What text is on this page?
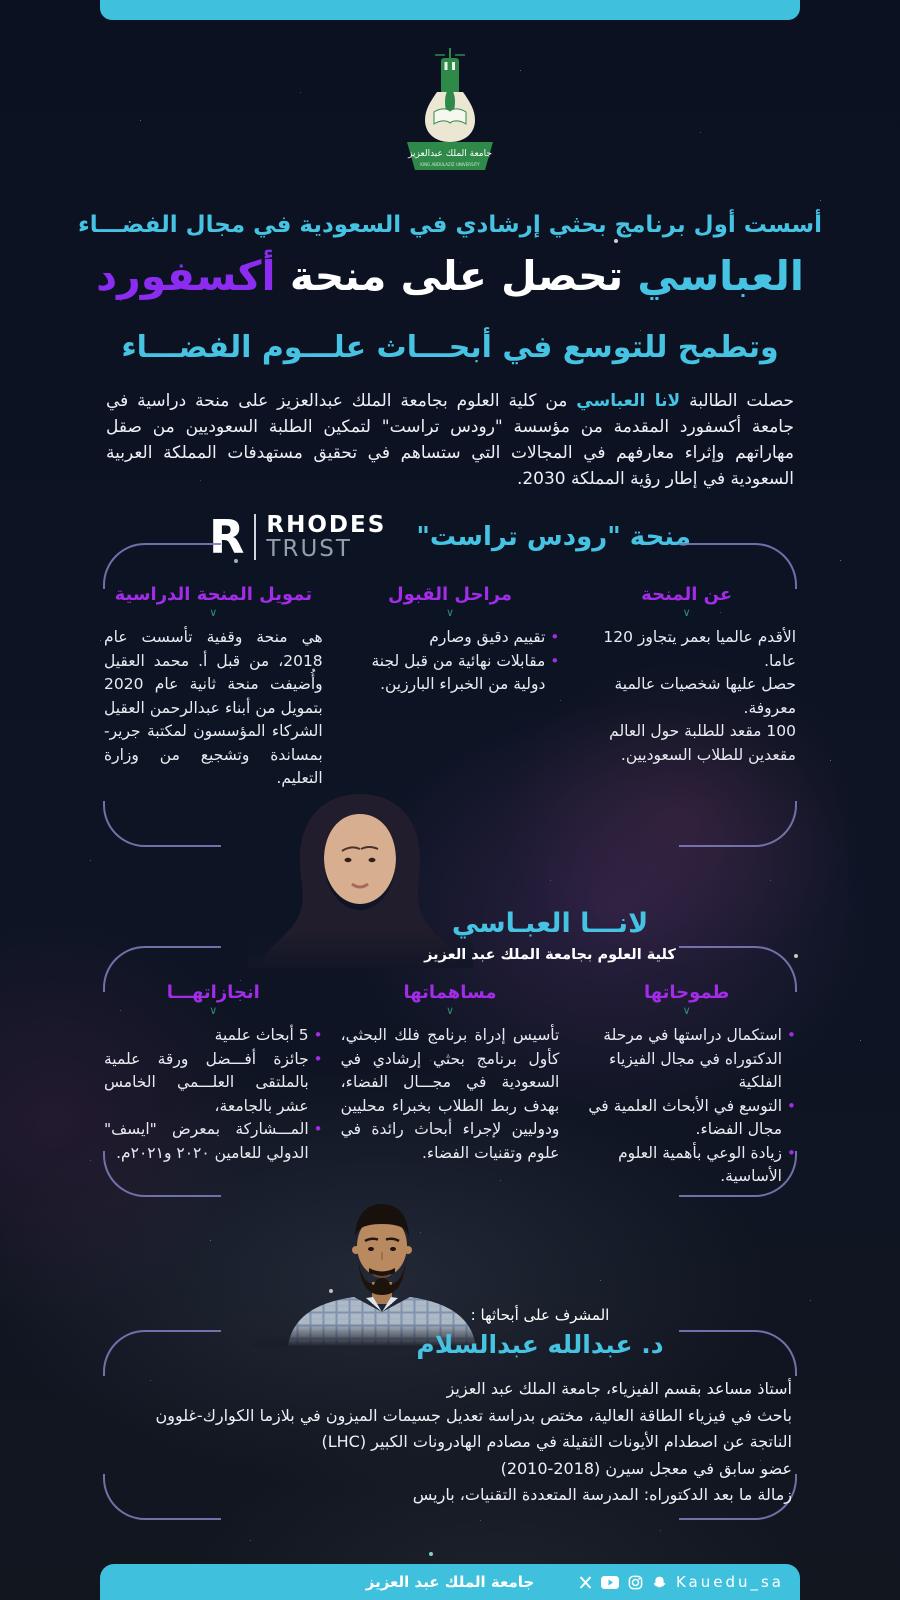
جامعة الملك عبدالعزيز
KING ABDULAZIZ UNIVERSITY
أسست أول برنامج بحثي إرشادي في السعودية في مجال الفضـــاء
العباسي تحصل على منحة أكسفورد
وتطمح للتوسع في أبحـــاث علـــوم الفضـــاء

حصلت الطالبة لانا العباسي من كلية العلوم بجامعة الملك عبدالعزيز على منحة دراسية في جامعة أكسفورد المقدمة من مؤسسة "رودس تراست" لتمكين الطلبة السعوديين من صقل مهاراتهم وإثراء معارفهم في المجالات التي ستساهم في تحقيق مستهدفات المملكة العربية السعودية في إطار رؤية المملكة 2030.

منحة "رودس تراست"
R RHODES
TRUST
عن المنحة
∨
الأقدم عالميا بعمر يتجاوز 120 عاما.
حصل عليها شخصيات عالمية معروفة.
100 مقعد للطلبة حول العالم مقعدين للطلاب السعوديين.
مراحل القبول
∨
• تقييم دقيق وصارم
• مقابلات نهائية من قبل لجنة دولية من الخبراء البارزين.
تمويل المنحة الدراسية
∨
هي منحة وقفية تأسست عام 2018، من قبل أ. محمد العقيل وأُضيفت منحة ثانية عام 2020 بتمويل من أبناء عبدالرحمن العقيل الشركاء المؤسسون لمكتبة جرير- بمساندة وتشجيع من وزارة التعليم.
لانـــا العبـاسي
كلية العلوم بجامعة الملك عبد العزيز
طموحاتها
∨
• استكمال دراستها في مرحلة الدكتوراه في مجال الفيزياء الفلكية
• التوسع في الأبحاث العلمية في مجال الفضاء.
• زيادة الوعي بأهمية العلوم الأساسية.
مساهماتها
∨
تأسيس إدراة برنامج فلك البحثي، كأول برنامج بحثي إرشادي في السعودية في مجـــال الفضاء، بهدف ربط الطلاب بخبراء محليين ودوليين لإجراء أبحاث رائدة في علوم وتقنيات الفضاء.
انجازاتهـــا
∨
• 5 أبحاث علمية
• جائزة أفـــضل ورقة علمية بالملتقى العلـــمي الخامس عشر بالجامعة،
• المـــشاركة بمعرض "ايسف" الدولي للعامين ٢٠٢٠ و٢٠٢١م.
المشرف على أبحاثها :
د. عبدالله عبدالسلام
أستاذ مساعد بقسم الفيزياء، جامعة الملك عبد العزيز
باحث في فيزياء الطاقة العالية، مختص بدراسة تعديل جسيمات الميزون في بلازما الكوارك-غلوون
الناتجة عن اصطدام الأيونات الثقيلة في مصادم الهادرونات الكبير (LHC)
عضو سابق في معجل سيرن (2018-2010)
زمالة ما بعد الدكتوراه: المدرسة المتعددة التقنيات، باريس
جامعة الملك عبد العزيز	Kauedu_sa
